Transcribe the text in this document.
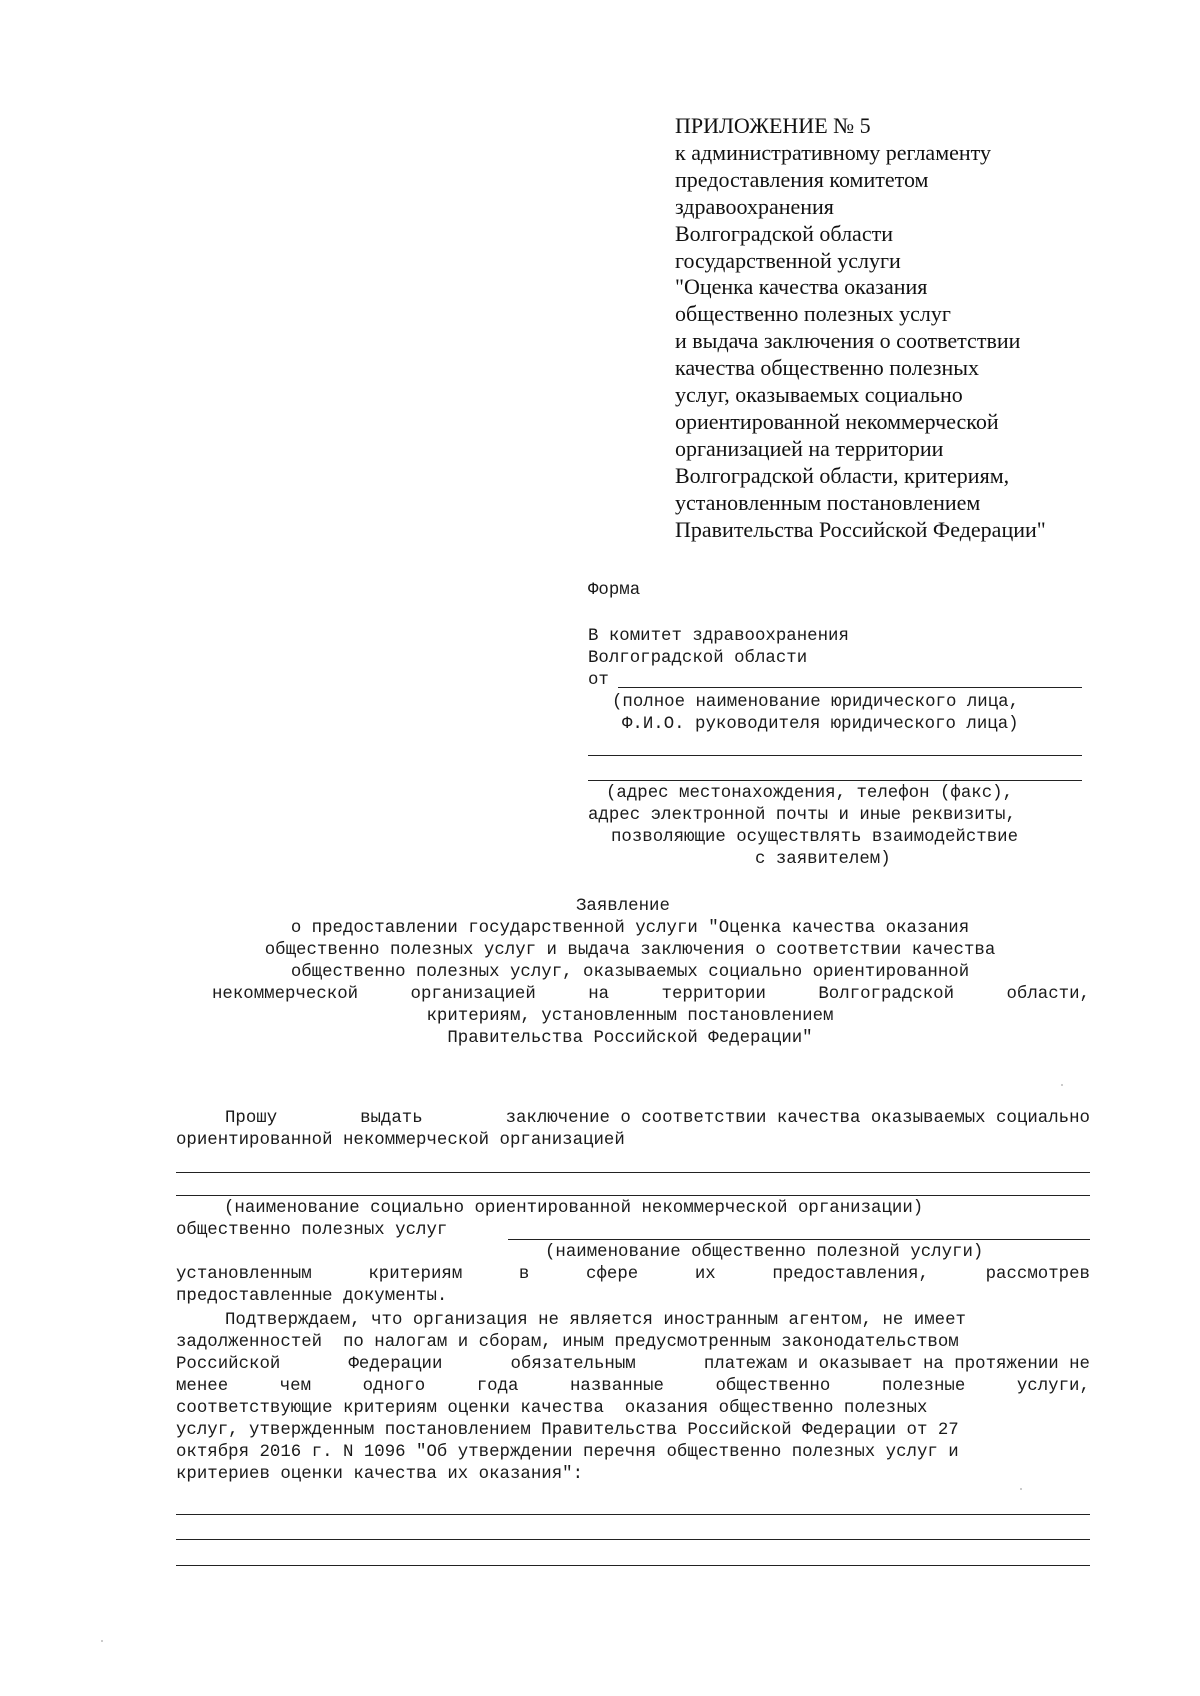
ПРИЛОЖЕНИЕ № 5
к административному регламенту
предоставления комитетом
здравоохранения
Волгоградской области
государственной услуги
"Оценка качества оказания
общественно полезных услуг
и выдача заключения о соответствии
качества общественно полезных
услуг, оказываемых социально
ориентированной некоммерческой
организацией на территории
Волгоградской области, критериям,
установленным постановлением
Правительства Российской Федерации"
Форма
В комитет здравоохранения
Волгоградской области
от
(полное наименование юридического лица,
Ф.И.О. руководителя юридического лица)
(адрес местонахождения, телефон (факс),
адрес электронной почты и иные реквизиты,
позволяющие осуществлять взаимодействие
с заявителем)
Заявление
о предоставлении государственной услуги "Оценка качества оказания
общественно полезных услуг и выдача заключения о соответствии качества
общественно полезных услуг, оказываемых социально ориентированной
некоммерческой	организацией	на	территории	Волгоградской	области,
критериям, установленным постановлением
Правительства Российской Федерации"
Прошу	выдать	заключение о соответствии качества оказываемых социально
ориентированной некоммерческой организацией
(наименование социально ориентированной некоммерческой организации)
общественно полезных услуг
(наименование общественно полезной услуги)
установленным	критериям	в	сфере	их	предоставления,	рассмотрев
предоставленные документы.
Подтверждаем, что организация не является иностранным агентом, не имеет
задолженностей  по налогам и сборам, иным предусмотренным законодательством
Российской	Федерации	обязательным	платежам и оказывает на протяжении не
менее	чем	одного	года	названные	общественно	полезные	услуги,
соответствующие критериям оценки качества  оказания общественно полезных
услуг, утвержденным постановлением Правительства Российской Федерации от 27
октября 2016 г. N 1096 "Об утверждении перечня общественно полезных услуг и
критериев оценки качества их оказания":
